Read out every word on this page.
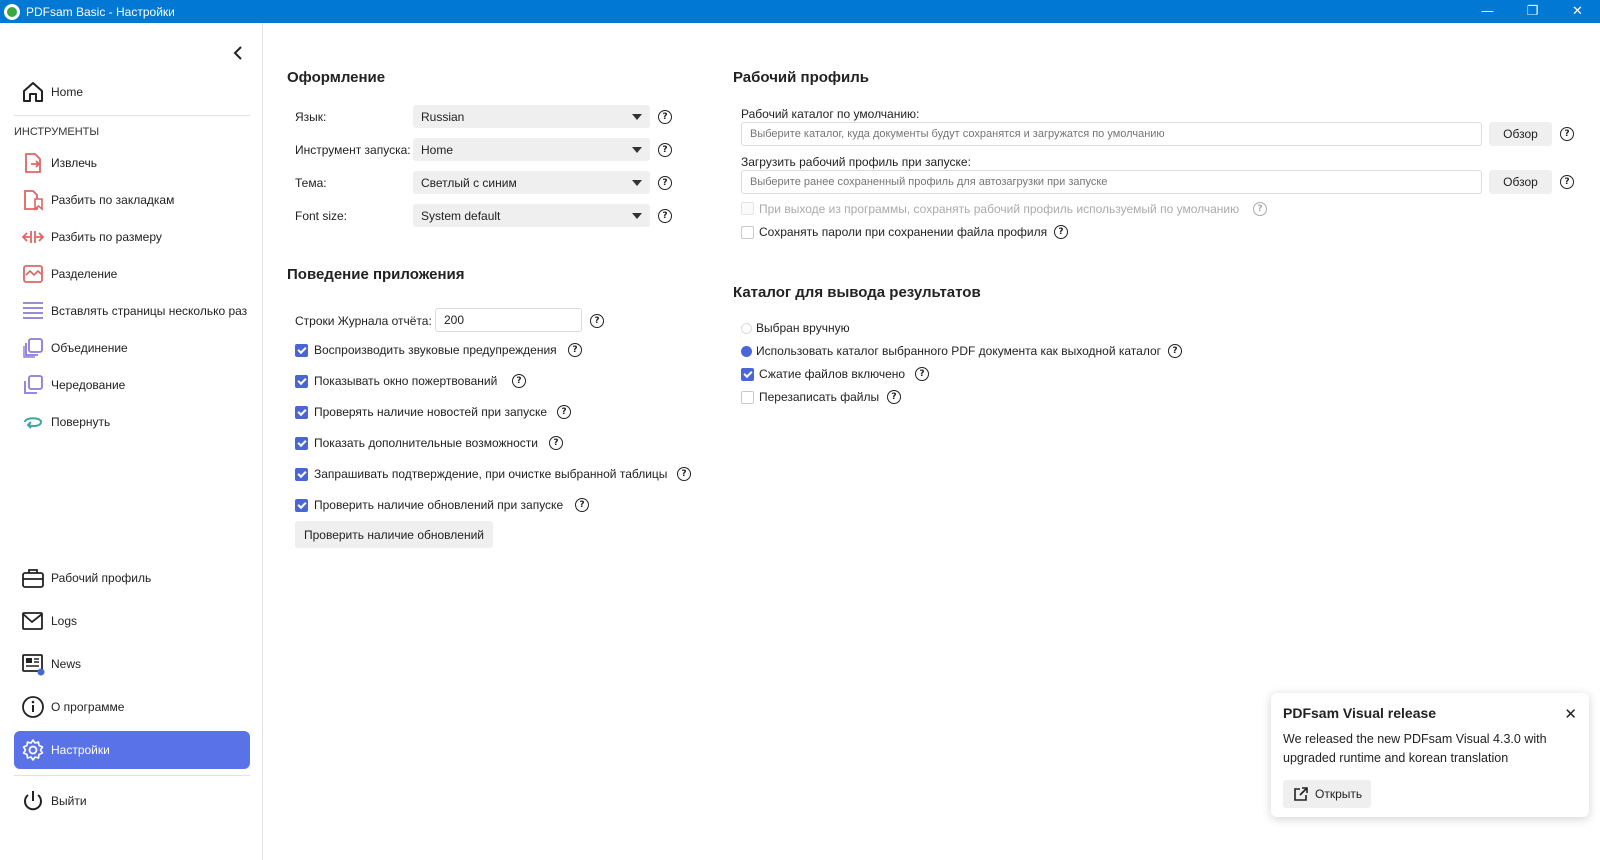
PDFsam Basic - Настройки	—	❐	✕
Home
ИНСТРУМЕНТЫ
Извлечь
Разбить по закладкам
Разбить по размеру
Разделение
Вставлять страницы несколько раз
Объединение
Чередование
Повернуть
Рабочий профиль
Logs
News
О программе
Настройки
Выйти
Оформление
Язык:	Russian	?
Инструмент запуска: Home	?
Тема:	Светлый с синим	?
Font size:	System default	?
Поведение приложения
Строки Журнала отчёта:	200	?
Воспроизводить звуковые предупреждения	?
Показывать окно пожертвований	?
Проверять наличие новостей при запуске	?
Показать дополнительные возможности	?
Запрашивать подтверждение, при очистке выбранной таблицы	?
Проверить наличие обновлений при запуске	?
Проверить наличие обновлений
Рабочий профиль
Рабочий каталог по умолчанию:
Выберите каталог, куда документы будут сохранятся и загружатся по умолчанию
Обзор	?
Загрузить рабочий профиль при запуске:
Выберите ранее сохраненный профиль для автозагрузки при запуске
Обзор	?
При выходе из программы, сохранять рабочий профиль используемый по умолчанию	?
Сохранять пароли при сохранении файла профиля	?
Каталог для вывода результатов
Выбран вручную
Использовать каталог выбранного PDF документа как выходной каталог	?
Сжатие файлов включено	?
Перезаписать файлы	?
PDFsam Visual release	✕
We released the new PDFsam Visual 4.3.0 with upgraded runtime and korean translation
Открыть
